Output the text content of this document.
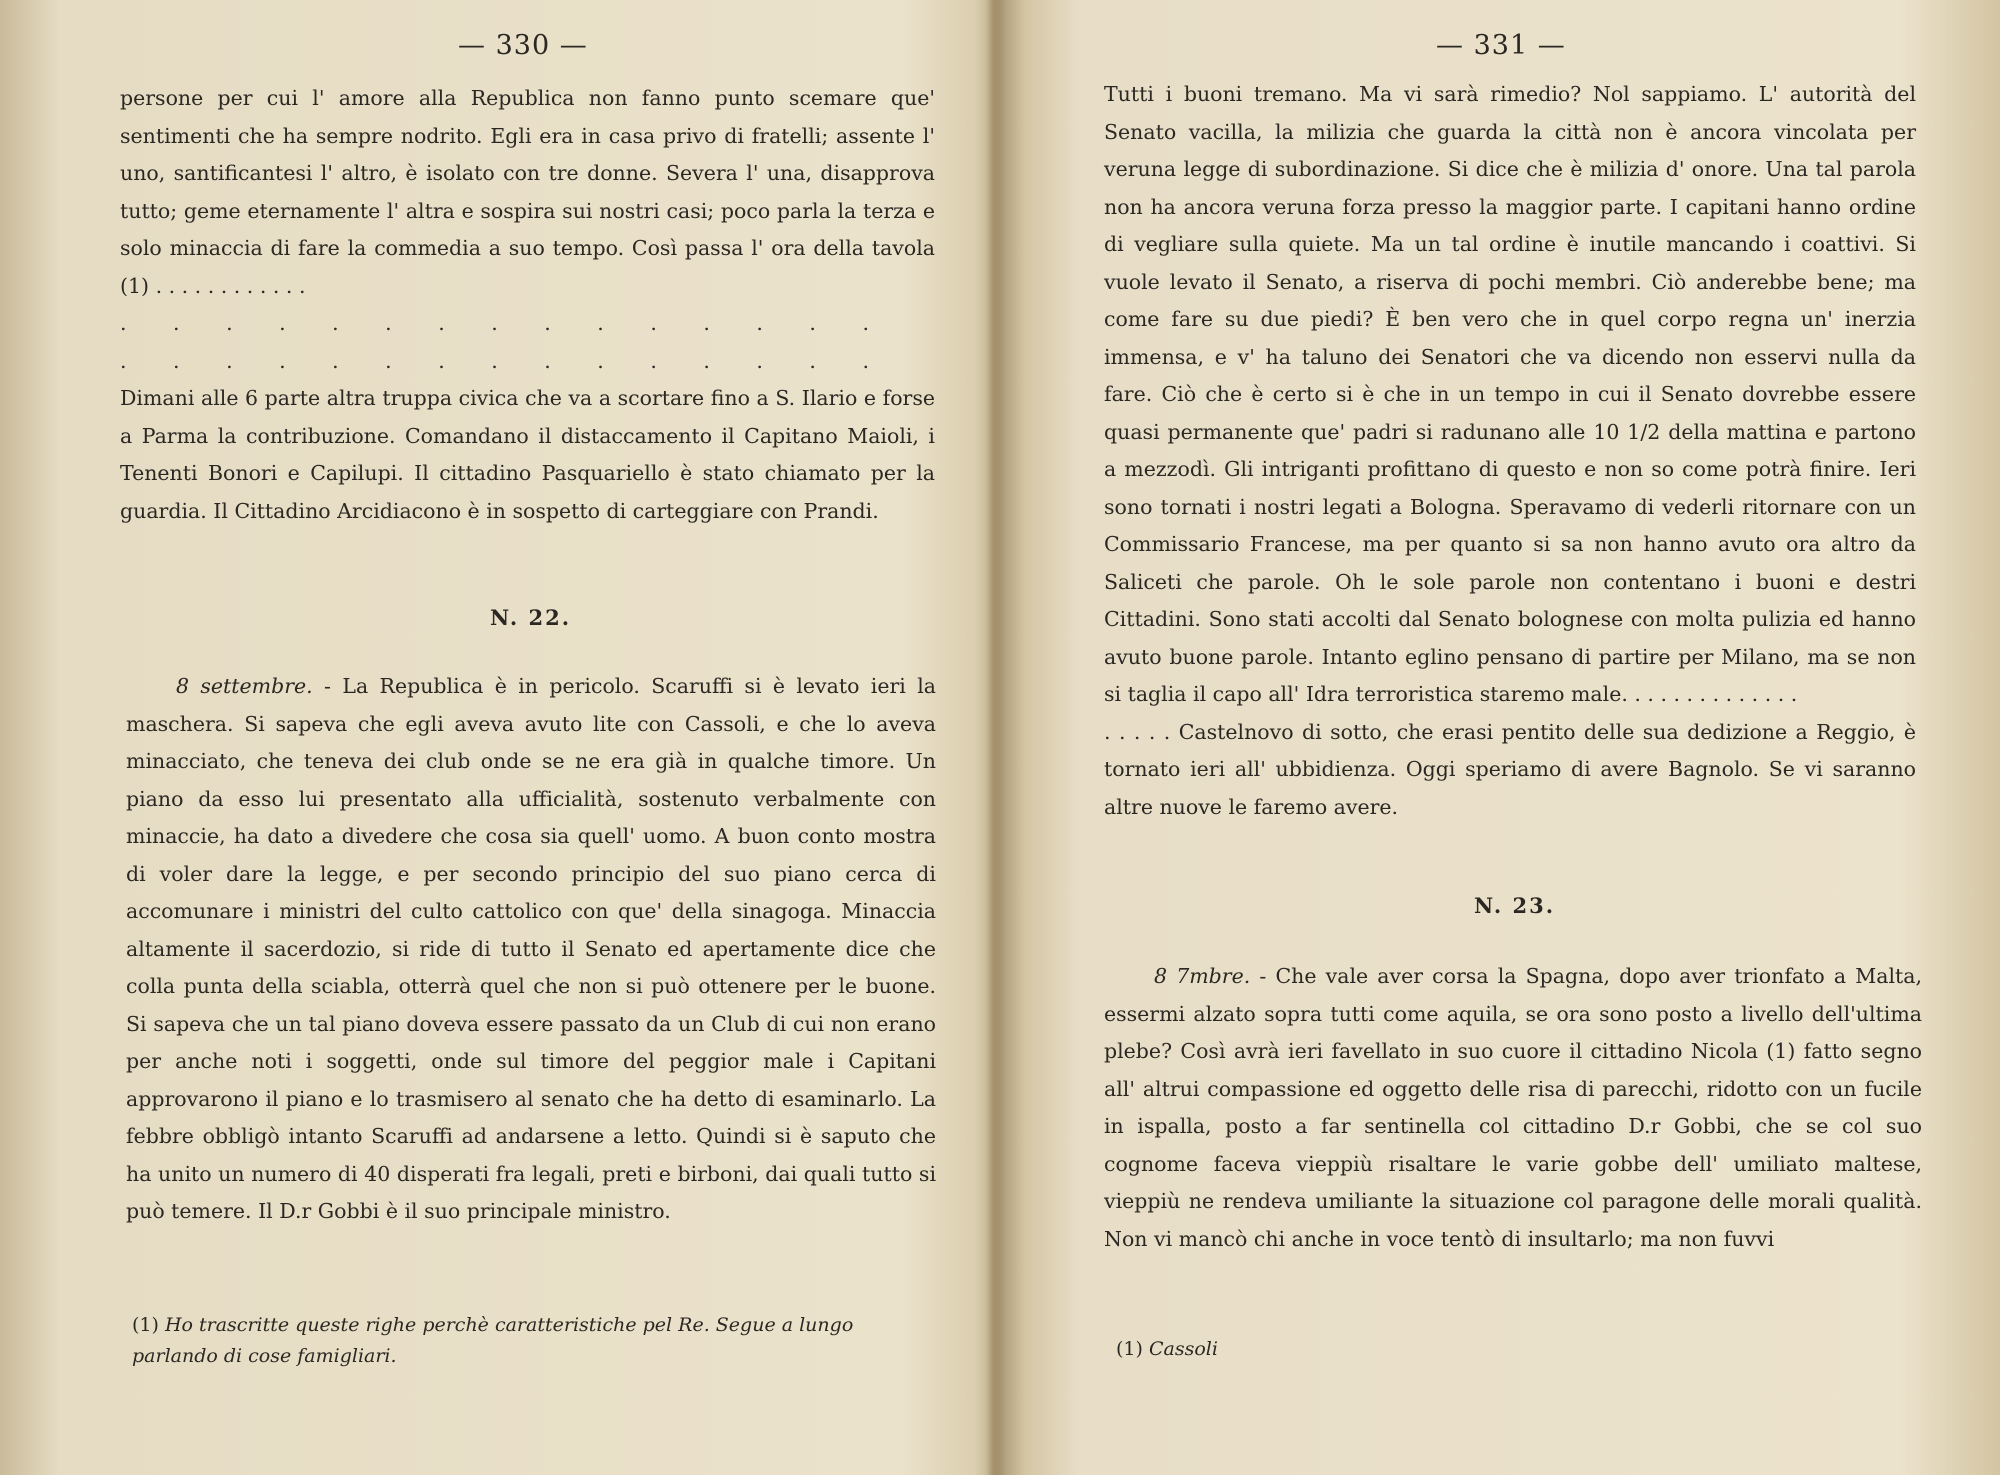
— 330 —

persone per cui l' amore alla Republica non fanno punto scemare que' sentimenti che ha sempre nodrito. Egli era in casa privo di fratelli; assente l' uno, santificantesi l' altro, è isolato con tre donne. Severa l' una, disapprova tutto; geme eternamente l' altra e sospira sui nostri casi; poco parla la terza e solo minaccia di fare la commedia a suo tempo. Così passa l' ora della tavola (1) . . . . . . . . . . . .

. . . . . . . . . . . . . . .
. . . . . . . . . . . . . . .

Dimani alle 6 parte altra truppa civica che va a scortare fino a S. Ilario e forse a Parma la contribuzione. Comandano il distaccamento il Capitano Maioli, i Tenenti Bonori e Capilupi. Il cittadino Pasquariello è stato chiamato per la guardia. Il Cittadino Arcidiacono è in sospetto di carteggiare con Prandi.

N. 22.

8 settembre. - La Republica è in pericolo. Scaruffi si è levato ieri la maschera. Si sapeva che egli aveva avuto lite con Cassoli, e che lo aveva minacciato, che teneva dei club onde se ne era già in qualche timore. Un piano da esso lui presentato alla ufficialità, sostenuto verbalmente con minaccie, ha dato a divedere che cosa sia quell' uomo. A buon conto mostra di voler dare la legge, e per secondo principio del suo piano cerca di accomunare i ministri del culto cattolico con que' della sinagoga. Minaccia altamente il sacerdozio, si ride di tutto il Senato ed apertamente dice che colla punta della sciabla, otterrà quel che non si può ottenere per le buone. Si sapeva che un tal piano doveva essere passato da un Club di cui non erano per anche noti i soggetti, onde sul timore del peggior male i Capitani approvarono il piano e lo trasmisero al senato che ha detto di esaminarlo. La febbre obbligò intanto Scaruffi ad andarsene a letto. Quindi si è saputo che ha unito un numero di 40 disperati fra legali, preti e birboni, dai quali tutto si può temere. Il D.r Gobbi è il suo principale ministro.

(1) Ho trascritte queste righe perchè caratteristiche pel Re. Segue a lungo parlando di cose famigliari.
— 331 —

Tutti i buoni tremano. Ma vi sarà rimedio? Nol sappiamo. L' autorità del Senato vacilla, la milizia che guarda la città non è ancora vincolata per veruna legge di subordinazione. Si dice che è milizia d' onore. Una tal parola non ha ancora veruna forza presso la maggior parte. I capitani hanno ordine di vegliare sulla quiete. Ma un tal ordine è inutile mancando i coattivi. Si vuole levato il Senato, a riserva di pochi membri. Ciò anderebbe bene; ma come fare su due piedi? È ben vero che in quel corpo regna un' inerzia immensa, e v' ha taluno dei Senatori che va dicendo non esservi nulla da fare. Ciò che è certo si è che in un tempo in cui il Senato dovrebbe essere quasi permanente que' padri si radunano alle 10 1/2 della mattina e partono a mezzodì. Gli intriganti profittano di questo e non so come potrà finire. Ieri sono tornati i nostri legati a Bologna. Speravamo di vederli ritornare con un Commissario Francese, ma per quanto si sa non hanno avuto ora altro da Saliceti che parole. Oh le sole parole non contentano i buoni e destri Cittadini. Sono stati accolti dal Senato bolognese con molta pulizia ed hanno avuto buone parole. Intanto eglino pensano di partire per Milano, ma se non si taglia il capo all' Idra terroristica staremo male. . . . . . . . . . . . . .

. . . . . Castelnovo di sotto, che erasi pentito delle sua dedizione a Reggio, è tornato ieri all' ubbidienza. Oggi speriamo di avere Bagnolo. Se vi saranno altre nuove le faremo avere.

N. 23.

8 7mbre. - Che vale aver corsa la Spagna, dopo aver trionfato a Malta, essermi alzato sopra tutti come aquila, se ora sono posto a livello dell'ultima plebe? Così avrà ieri favellato in suo cuore il cittadino Nicola (1) fatto segno all' altrui compassione ed oggetto delle risa di parecchi, ridotto con un fucile in ispalla, posto a far sentinella col cittadino D.r Gobbi, che se col suo cognome faceva vieppiù risaltare le varie gobbe dell' umiliato maltese, vieppiù ne rendeva umiliante la situazione col paragone delle morali qualità. Non vi mancò chi anche in voce tentò di insultarlo; ma non fuvvi

(1) Cassoli
